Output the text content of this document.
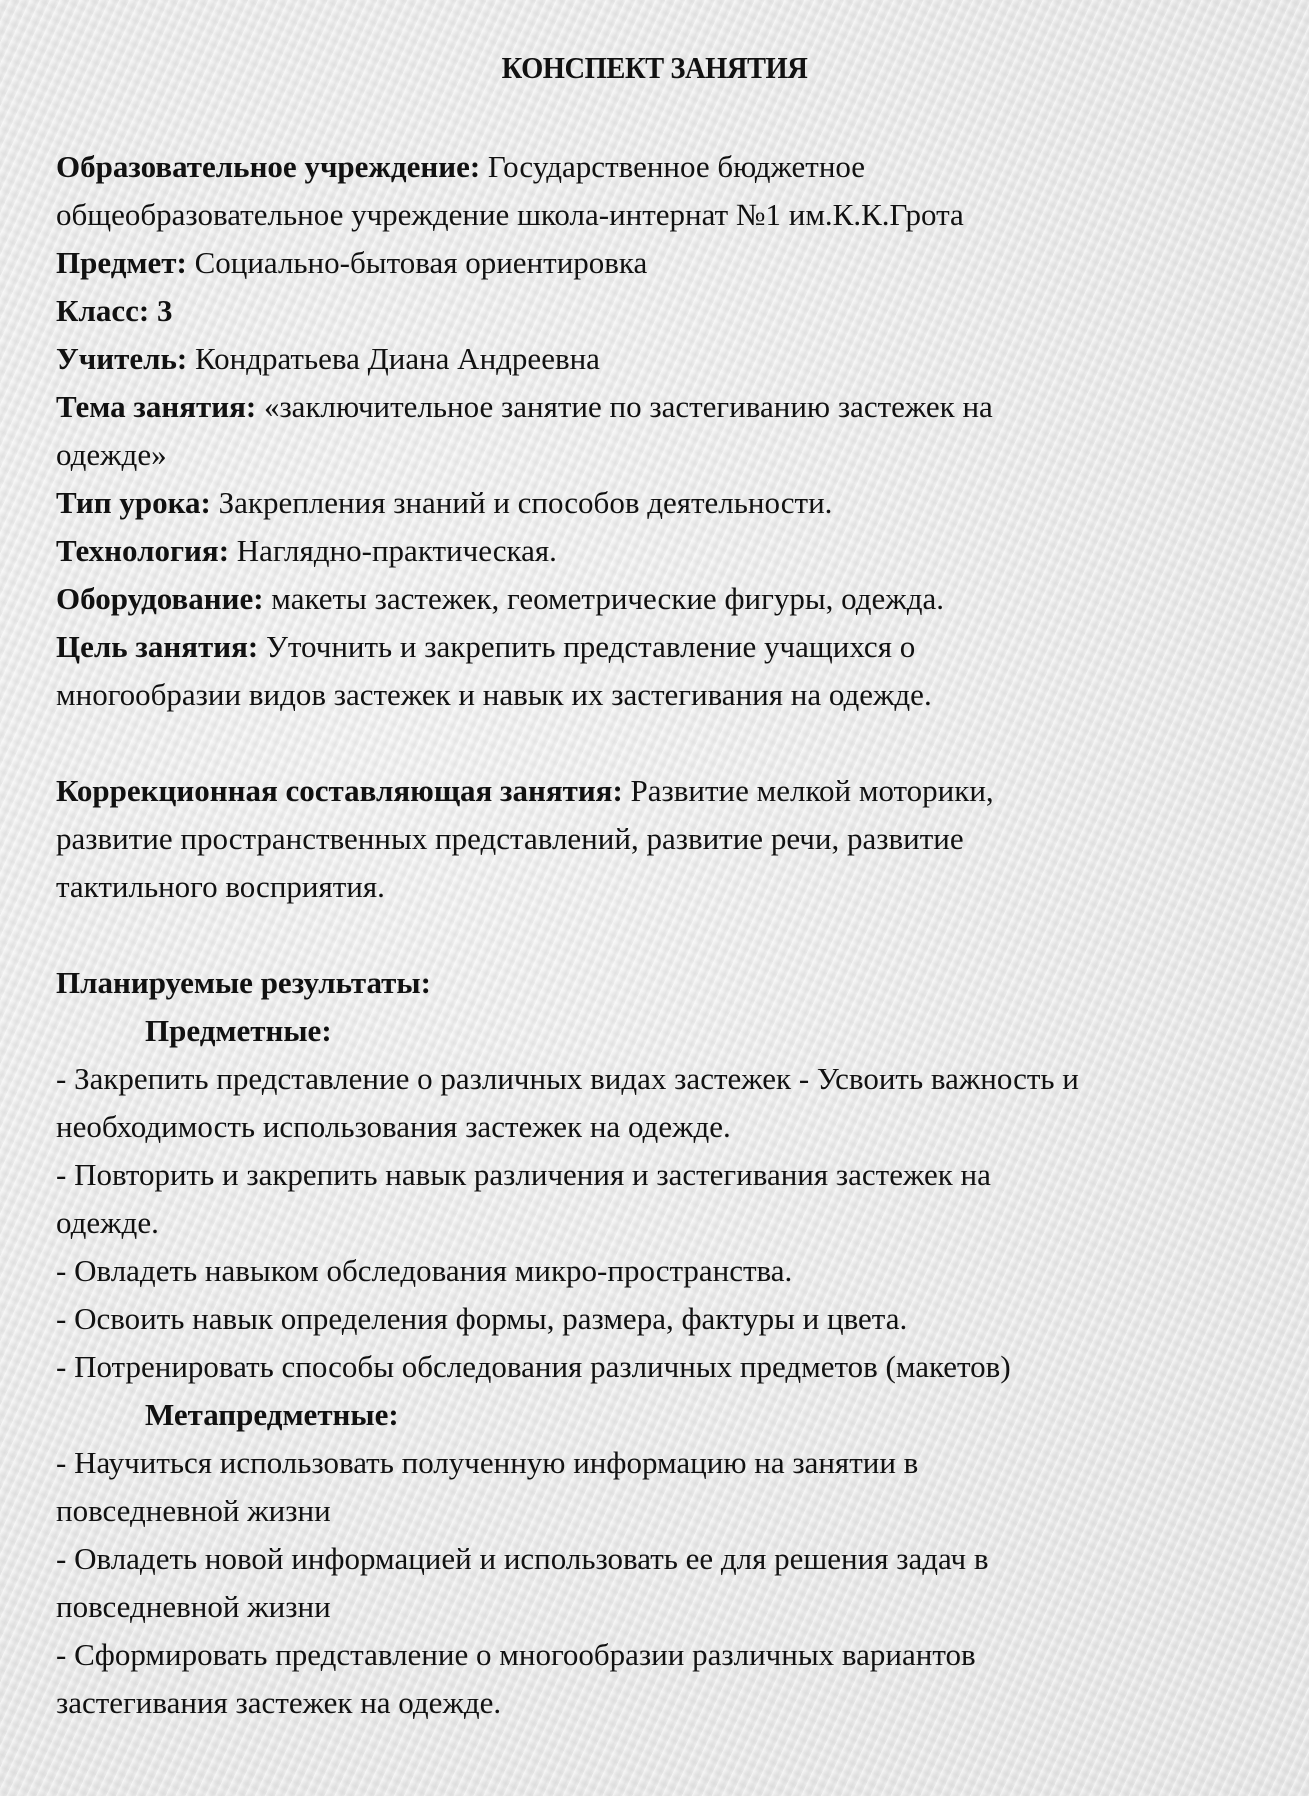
КОНСПЕКТ ЗАНЯТИЯ
Образовательное учреждение: Государственное бюджетное
общеобразовательное учреждение школа-интернат №1 им.К.К.Грота
Предмет: Социально-бытовая ориентировка
Класс: 3
Учитель: Кондратьева Диана Андреевна
Тема занятия: «заключительное занятие по застегиванию застежек на
одежде»
Тип урока: Закрепления знаний и способов деятельности.
Технология: Наглядно-практическая.
Оборудование: макеты застежек, геометрические фигуры, одежда.
Цель занятия: Уточнить и закрепить представление учащихся о
многообразии видов застежек и навык их застегивания на одежде.
Коррекционная составляющая занятия: Развитие мелкой моторики,
развитие пространственных представлений, развитие речи, развитие
тактильного восприятия.
Планируемые результаты:
Предметные:
- Закрепить представление о различных видах застежек - Усвоить важность и
необходимость использования застежек на одежде.
- Повторить и закрепить навык различения и застегивания застежек на
одежде.
- Овладеть навыком обследования микро-пространства.
- Освоить навык определения формы, размера, фактуры и цвета.
- Потренировать способы обследования различных предметов (макетов)
Метапредметные:
- Научиться использовать полученную информацию на занятии в
повседневной жизни
- Овладеть новой информацией и использовать ее для решения задач в
повседневной жизни
- Сформировать представление о многообразии различных вариантов
застегивания застежек на одежде.
